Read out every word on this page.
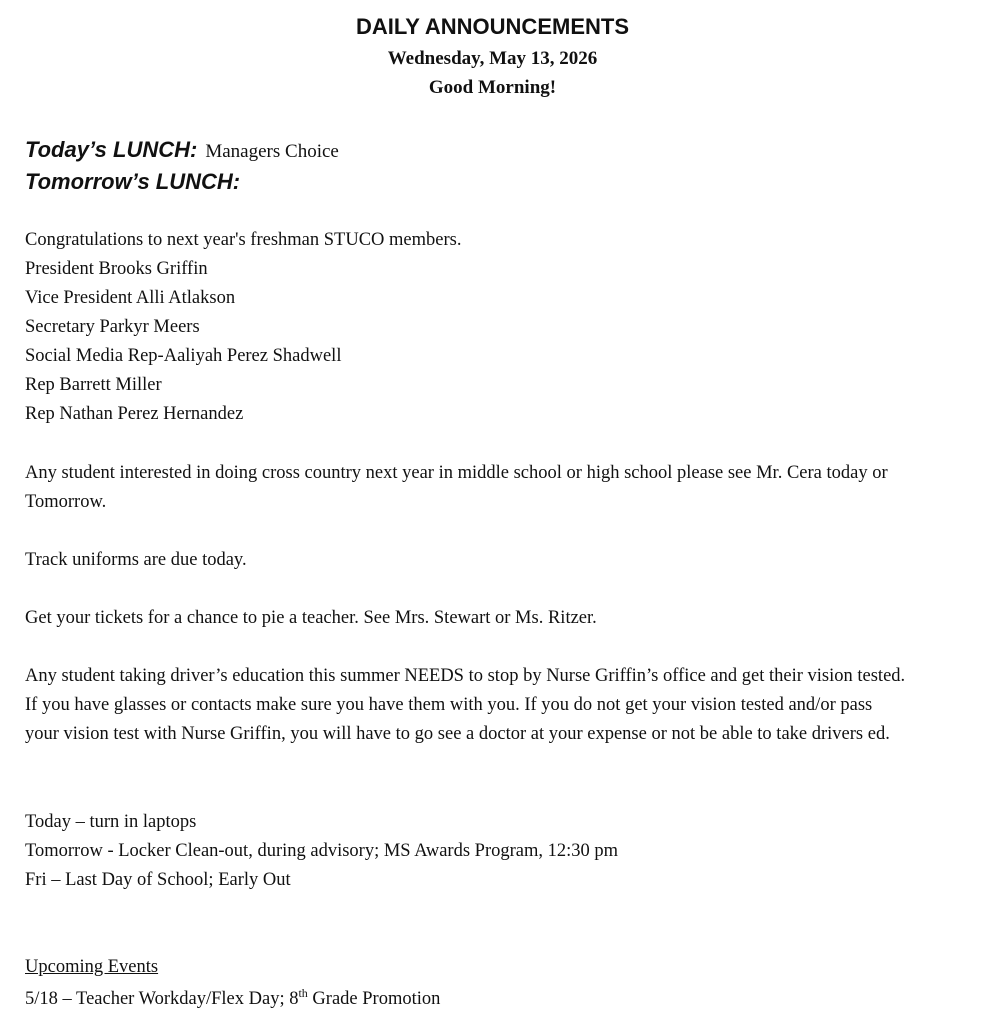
DAILY ANNOUNCEMENTS
Wednesday, May 13, 2026
Good Morning!
Today’s LUNCH: Managers Choice
Tomorrow’s LUNCH:
Congratulations to next year's freshman STUCO members.
President Brooks Griffin
Vice President Alli Atlakson
Secretary Parkyr Meers
Social Media Rep-Aaliyah Perez Shadwell
Rep Barrett Miller
Rep Nathan Perez Hernandez
Any student interested in doing cross country next year in middle school or high school please see Mr. Cera today or
Tomorrow.
Track uniforms are due today.
Get your tickets for a chance to pie a teacher. See Mrs. Stewart or Ms. Ritzer.
Any student taking driver’s education this summer NEEDS to stop by Nurse Griffin’s office and get their vision tested.
If you have glasses or contacts make sure you have them with you. If you do not get your vision tested and/or pass
your vision test with Nurse Griffin, you will have to go see a doctor at your expense or not be able to take drivers ed.
Today – turn in laptops
Tomorrow - Locker Clean-out, during advisory; MS Awards Program, 12:30 pm
Fri – Last Day of School; Early Out
Upcoming Events
5/18 – Teacher Workday/Flex Day; 8th Grade Promotion
